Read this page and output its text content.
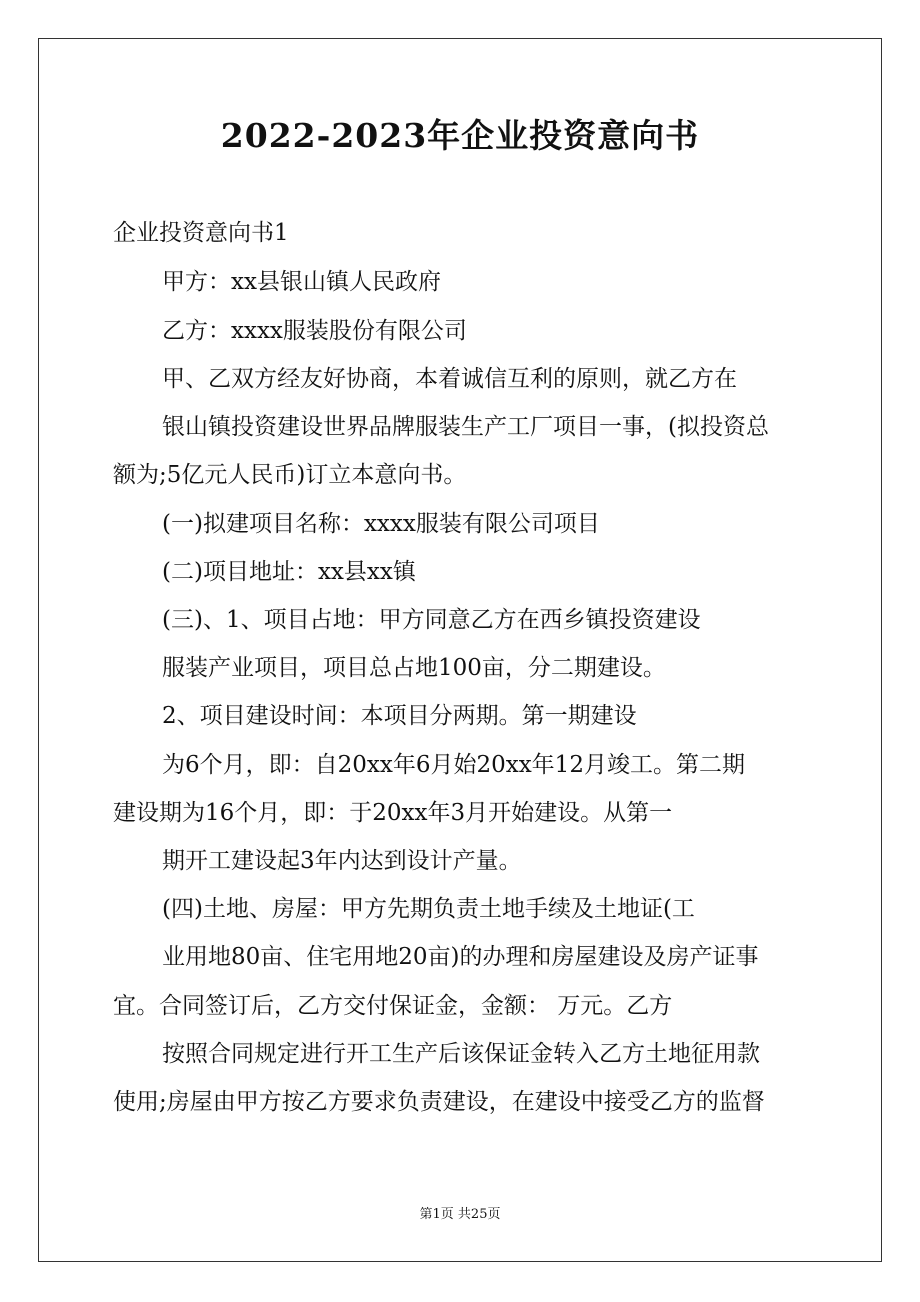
2022-2023年企业投资意向书
企业投资意向书1
甲方：xx县银山镇人民政府
乙方：xxxx服装股份有限公司
甲、乙双方经友好协商，本着诚信互利的原则，就乙方在
银山镇投资建设世界品牌服装生产工厂项目一事，(拟投资总
额为;5亿元人民币)订立本意向书。
(一)拟建项目名称：xxxx服装有限公司项目
(二)项目地址：xx县xx镇
(三)、1、项目占地：甲方同意乙方在西乡镇投资建设
服装产业项目，项目总占地100亩，分二期建设。
2、项目建设时间：本项目分两期。第一期建设
为6个月，即：自20xx年6月始20xx年12月竣工。第二期
建设期为16个月，即：于20xx年3月开始建设。从第一
期开工建设起3年内达到设计产量。
(四)土地、房屋：甲方先期负责土地手续及土地证(工
业用地80亩、住宅用地20亩)的办理和房屋建设及房产证事
宜。合同签订后，乙方交付保证金，金额： 万元。乙方
按照合同规定进行开工生产后该保证金转入乙方土地征用款
使用;房屋由甲方按乙方要求负责建设，在建设中接受乙方的监督
第1页 共25页
